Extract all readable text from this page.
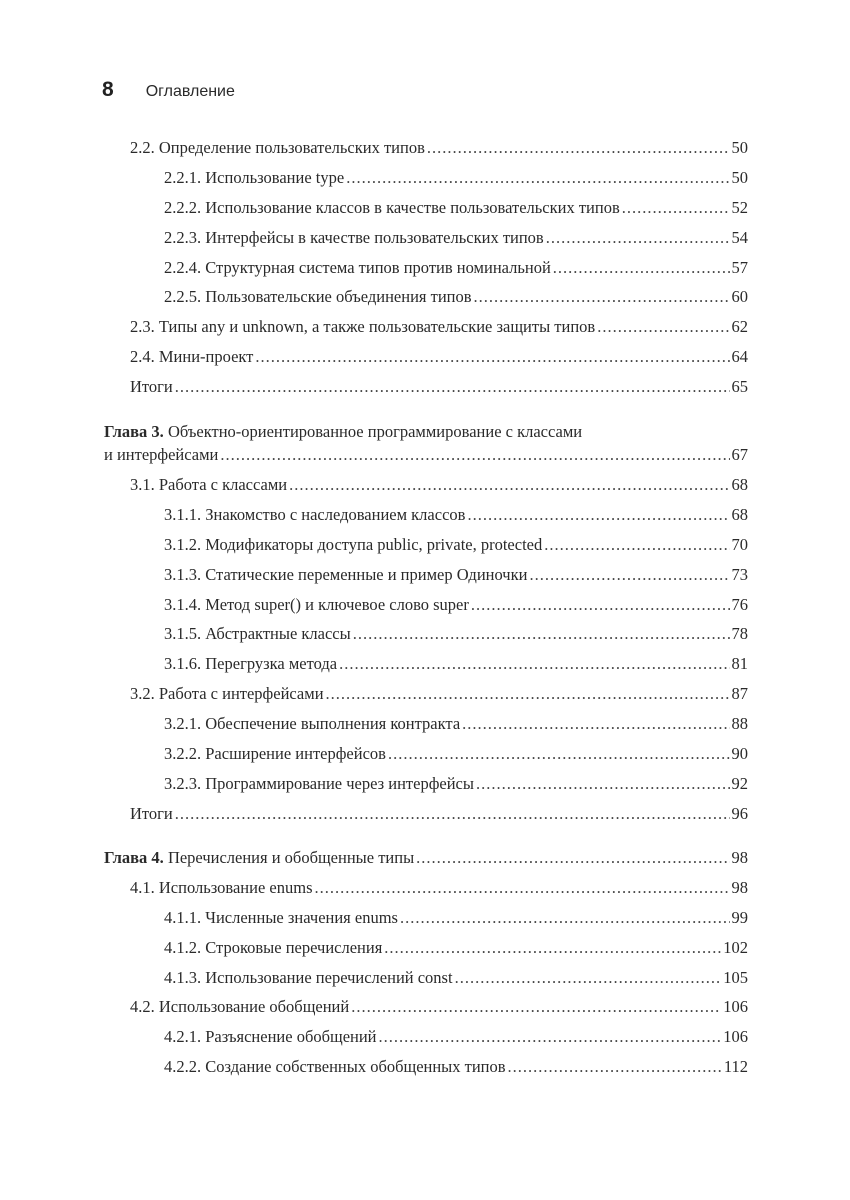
8 Оглавление
2.2. Определение пользовательских типов .....	50
2.2.1. Использование type .....	50
2.2.2. Использование классов в качестве пользовательских типов .....	52
2.2.3. Интерфейсы в качестве пользовательских типов .....	54
2.2.4. Структурная система типов против номинальной .....	57
2.2.5. Пользовательские объединения типов .....	60
2.3. Типы any и unknown, а также пользовательские защиты типов .....	62
2.4. Мини-проект .....	64
Итоги .....	65
Глава 3. Объектно-ориентированное программирование с классами
и интерфейсами .....	67
3.1. Работа с классами .....	68
3.1.1. Знакомство с наследованием классов .....	68
3.1.2. Модификаторы доступа public, private, protected .....	70
3.1.3. Статические переменные и пример Одиночки .....	73
3.1.4. Метод super() и ключевое слово super .....	76
3.1.5. Абстрактные классы .....	78
3.1.6. Перегрузка метода .....	81
3.2. Работа с интерфейсами .....	87
3.2.1. Обеспечение выполнения контракта .....	88
3.2.2. Расширение интерфейсов .....	90
3.2.3. Программирование через интерфейсы .....	92
Итоги .....	96
Глава 4. Перечисления и обобщенные типы .....	98
4.1. Использование enums .....	98
4.1.1. Численные значения enums .....	99
4.1.2. Строковые перечисления .....	102
4.1.3. Использование перечислений const .....	105
4.2. Использование обобщений .....	106
4.2.1. Разъяснение обобщений .....	106
4.2.2. Создание собственных обобщенных типов .....	112
